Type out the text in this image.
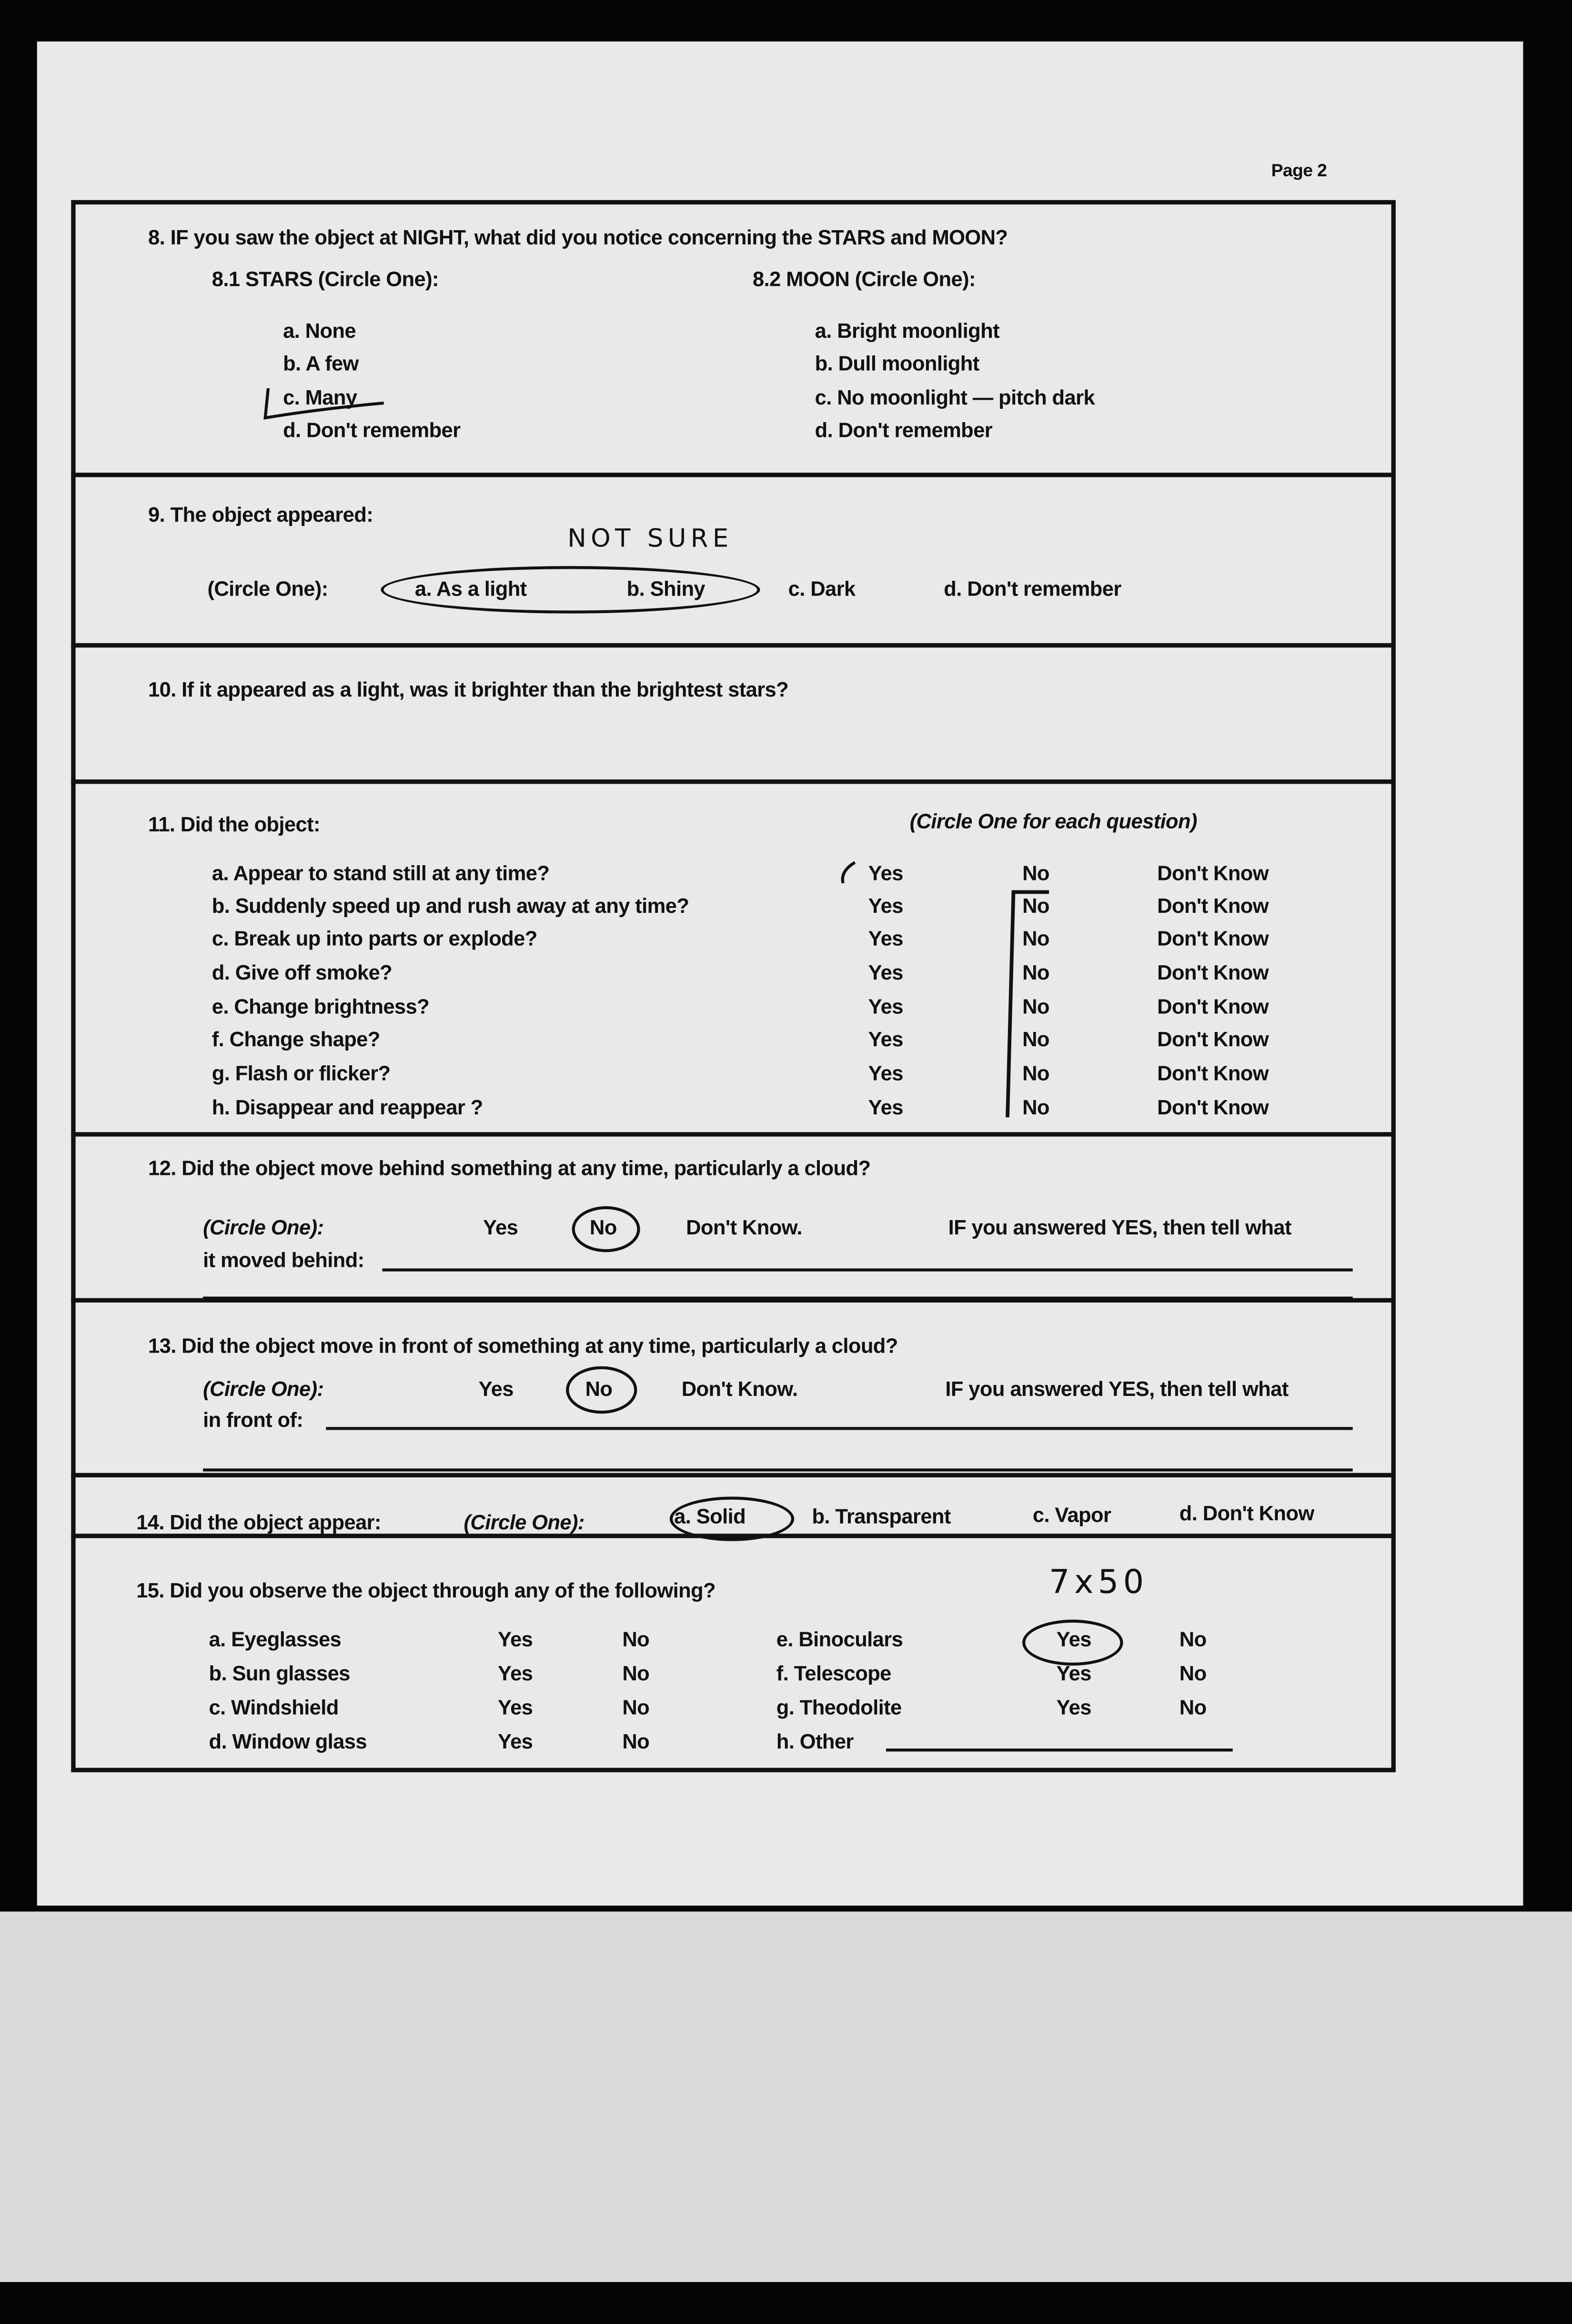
Page 2
8. IF you saw the object at NIGHT, what did you notice concerning the STARS and MOON?
8.1 STARS (Circle One):	8.2 MOON (Circle One):
a. None
b. A few
c. Many
d. Don't remember
a. Bright moonlight
b. Dull moonlight
c. No moonlight — pitch dark
d. Don't remember
9. The object appeared:
NOT SURE
(Circle One):	a. As a light	b. Shiny	c. Dark	d. Don't remember
10. If it appeared as a light, was it brighter than the brightest stars?
11. Did the object:	(Circle One for each question)
a. Appear to stand still at any time?	Yes	No	Don't Know
b. Suddenly speed up and rush away at any time?	Yes	No	Don't Know
c. Break up into parts or explode?	Yes	No	Don't Know
d. Give off smoke?	Yes	No	Don't Know
e. Change brightness?	Yes	No	Don't Know
f. Change shape?	Yes	No	Don't Know
g. Flash or flicker?	Yes	No	Don't Know
h. Disappear and reappear ?	Yes	No	Don't Know
12. Did the object move behind something at any time, particularly a cloud?
(Circle One):	Yes	No	Don't Know.	IF you answered YES, then tell what
it moved behind:
13. Did the object move in front of something at any time, particularly a cloud?
(Circle One):	Yes	No	Don't Know.	IF you answered YES, then tell what
in front of:
14. Did the object appear:	(Circle One):	a. Solid	b. Transparent	c. Vapor	d. Don't Know
15. Did you observe the object through any of the following?	7x50
a. Eyeglasses	Yes	No
b. Sun glasses	Yes	No
c. Windshield	Yes	No
d. Window glass	Yes	No
e. Binoculars	Yes	No
f. Telescope	Yes	No
g. Theodolite	Yes	No
h. Other
